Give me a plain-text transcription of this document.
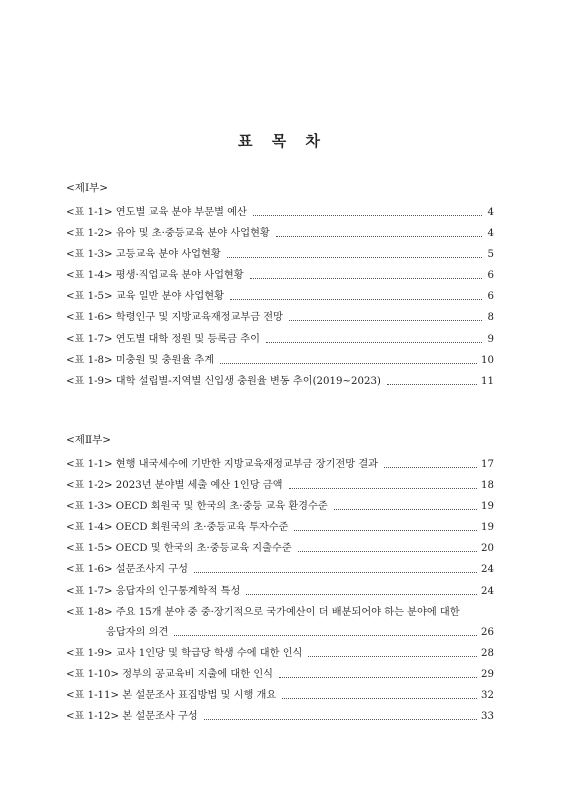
표 목 차
<제Ⅰ부>
<표 1-1> 연도별 교육 분야 부문별 예산	4
<표 1-2> 유아 및 초·중등교육 분야 사업현황	4
<표 1-3> 고등교육 분야 사업현황	5
<표 1-4> 평생·직업교육 분야 사업현황	6
<표 1-5> 교육 일반 분야 사업현황	6
<표 1-6> 학령인구 및 지방교육재정교부금 전망	8
<표 1-7> 연도별 대학 정원 및 등록금 추이	9
<표 1-8> 미충원 및 충원율 추계	10
<표 1-9> 대학 설립별-지역별 신입생 충원율 변동 추이(2019~2023)	11
<제Ⅱ부>
<표 1-1> 현행 내국세수에 기반한 지방교육재정교부금 장기전망 결과	17
<표 1-2> 2023년 분야별 세출 예산 1인당 금액	18
<표 1-3> OECD 회원국 및 한국의 초·중등 교육 환경수준	19
<표 1-4> OECD 회원국의 초·중등교육 투자수준	19
<표 1-5> OECD 및 한국의 초·중등교육 지출수준	20
<표 1-6> 설문조사지 구성	24
<표 1-7> 응답자의 인구통계학적 특성	24
<표 1-8> 주요 15개 분야 중 중·장기적으로 국가예산이 더 배분되어야 하는 분야에 대한
응답자의 의견	26
<표 1-9> 교사 1인당 및 학급당 학생 수에 대한 인식	28
<표 1-10> 정부의 공교육비 지출에 대한 인식	29
<표 1-11> 본 설문조사 표집방법 및 시행 개요	32
<표 1-12> 본 설문조사 구성	33
